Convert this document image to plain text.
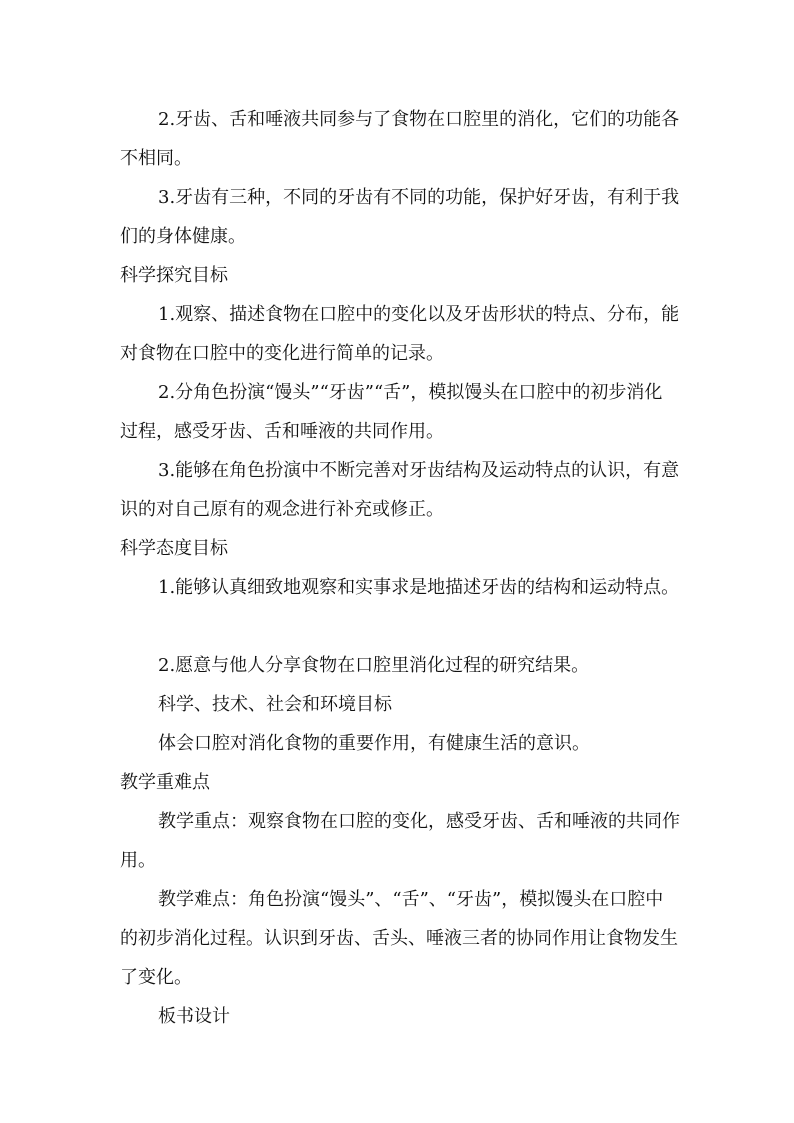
2.牙齿、舌和唾液共同参与了食物在口腔里的消化，它们的功能各不相同。

3.牙齿有三种，不同的牙齿有不同的功能，保护好牙齿，有利于我们的身体健康。

科学探究目标

1.观察、描述食物在口腔中的变化以及牙齿形状的特点、分布，能对食物在口腔中的变化进行简单的记录。

2.分角色扮演“馒头”“牙齿”“舌”，模拟馒头在口腔中的初步消化过程，感受牙齿、舌和唾液的共同作用。

3.能够在角色扮演中不断完善对牙齿结构及运动特点的认识，有意识的对自己原有的观念进行补充或修正。

科学态度目标

1.能够认真细致地观察和实事求是地描述牙齿的结构和运动特点。

2.愿意与他人分享食物在口腔里消化过程的研究结果。

科学、技术、社会和环境目标

体会口腔对消化食物的重要作用，有健康生活的意识。

教学重难点

教学重点：观察食物在口腔的变化，感受牙齿、舌和唾液的共同作用。

教学难点：角色扮演“馒头”、“舌”、“牙齿”，模拟馒头在口腔中的初步消化过程。认识到牙齿、舌头、唾液三者的协同作用让食物发生了变化。

板书设计
